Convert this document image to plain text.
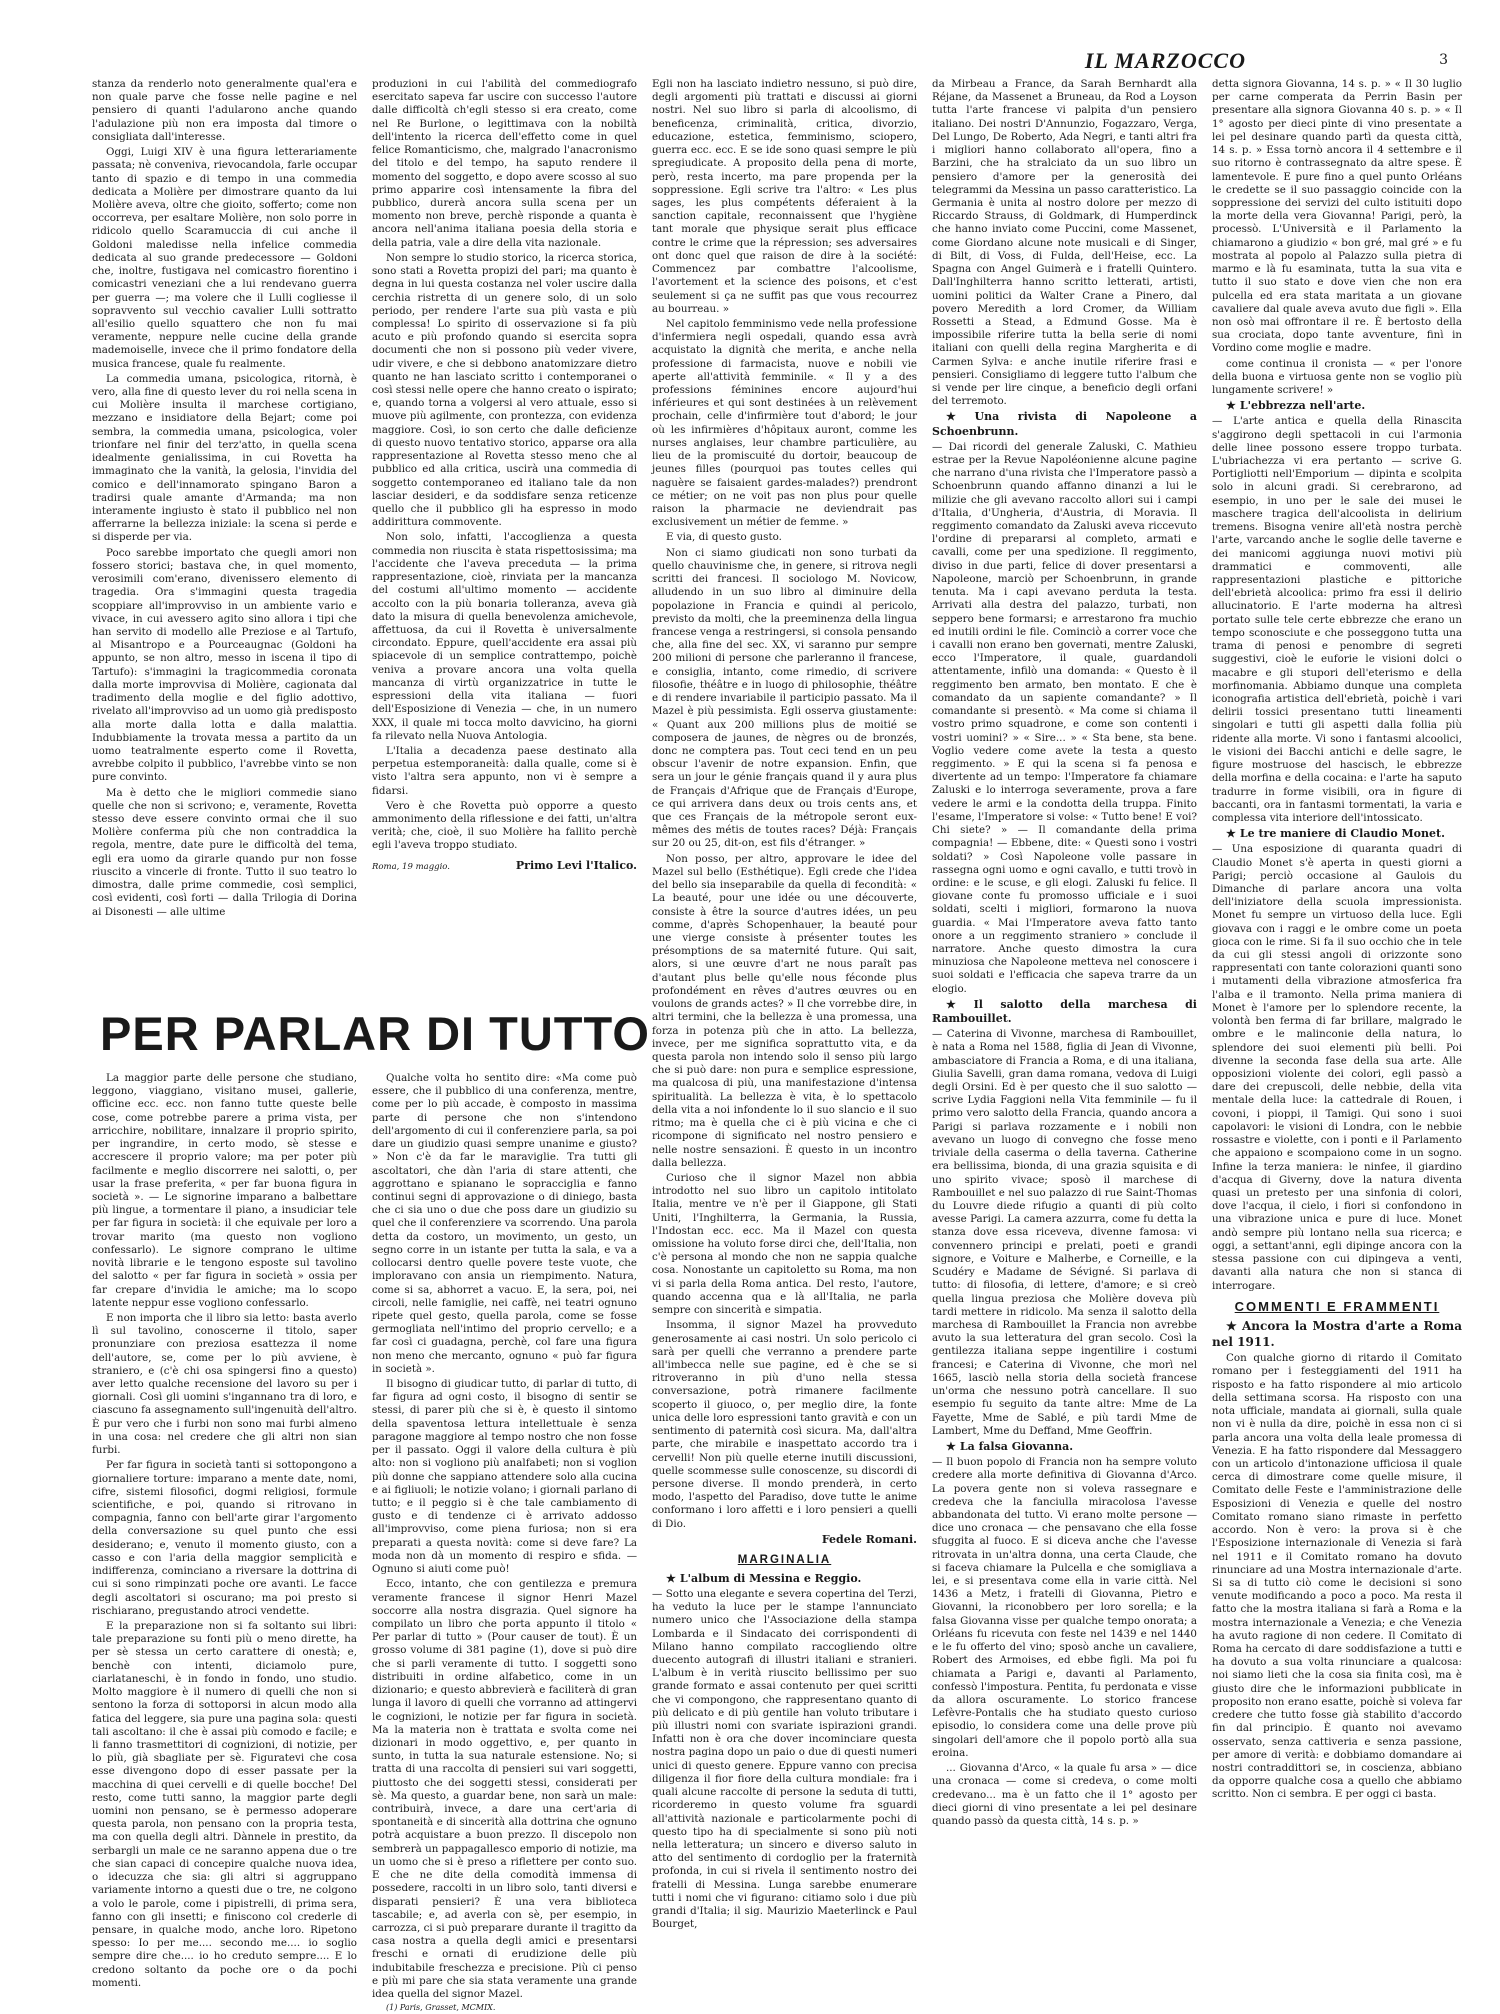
IL MARZOCCO	3

stanza da renderlo noto generalmente qual'era e non quale parve che fosse nelle pagine e nel pensiero di quanti l'adularono anche quando l'adulazione più non era imposta dal timore o consigliata dall'interesse.

Oggi, Luigi XIV è una figura letterariamente passata; nè conveniva, rievocandola, farle occupar tanto di spazio e di tempo in una commedia dedicata a Molière per dimostrare quanto da lui Molière aveva, oltre che gioito, sofferto; come non occorreva, per esaltare Molière, non solo porre in ridicolo quello Scaramuccia di cui anche il Goldoni maledisse nella infelice commedia dedicata al suo grande predecessore — Goldoni che, inoltre, fustigava nel comicastro fiorentino i comicastri veneziani che a lui rendevano guerra per guerra —; ma volere che il Lulli cogliesse il sopravvento sul vecchio cavalier Lulli sottratto all'esilio quello squattero che non fu mai veramente, neppure nelle cucine della grande mademoiselle, invece che il primo fondatore della musica francese, quale fu realmente.

La commedia umana, psicologica, ritornà, è vero, alla fine di questo lever du roi nella scena in cui Molière insulta il marchese cortigiano, mezzano e insidiatore della Bejart; come poi sembra, la commedia umana, psicologica, voler trionfare nel finir del terz'atto, in quella scena idealmente genialissima, in cui Rovetta ha immaginato che la vanità, la gelosia, l'invidia del comico e dell'innamorato spingano Baron a tradirsi quale amante d'Armanda; ma non interamente ingiusto è stato il pubblico nel non afferrarne la bellezza iniziale: la scena si perde e si disperde per via.

Poco sarebbe importato che quegli amori non fossero storici; bastava che, in quel momento, verosimili com'erano, divenissero elemento di tragedia. Ora s'immagini questa tragedia scoppiare all'improvviso in un ambiente vario e vivace, in cui avessero agito sino allora i tipi che han servito di modello alle Preziose e al Tartufo, al Misantropo e a Pourceaugnac (Goldoni ha appunto, se non altro, messo in iscena il tipo di Tartufo): s'immagini la tragicommedia coronata dalla morte improvvisa di Molière, cagionata dal tradimento della moglie e del figlio adottivo, rivelato all'improvviso ad un uomo già predisposto alla morte dalla lotta e dalla malattia. Indubbiamente la trovata messa a partito da un uomo teatralmente esperto come il Rovetta, avrebbe colpito il pubblico, l'avrebbe vinto se non pure convinto.

Ma è detto che le migliori commedie siano quelle che non si scrivono; e, veramente, Rovetta stesso deve essere convinto ormai che il suo Molière conferma più che non contraddica la regola, mentre, date pure le difficoltà del tema, egli era uomo da girarle quando pur non fosse riuscito a vincerle di fronte. Tutto il suo teatro lo dimostra, dalle prime commedie, così semplici, così evidenti, così forti — dalla Trilogia di Dorina ai Disonesti — alle ultime

produzioni in cui l'abilità del commediografo esercitato sapeva far uscire con successo l'autore dalle difficoltà ch'egli stesso si era creato, come nel Re Burlone, o legittimava con la nobiltà dell'intento la ricerca dell'effetto come in quel felice Romanticismo, che, malgrado l'anacronismo del titolo e del tempo, ha saputo rendere il momento del soggetto, e dopo avere scosso al suo primo apparire così intensamente la fibra del pubblico, durerà ancora sulla scena per un momento non breve, perchè risponde a quanta è ancora nell'anima italiana poesia della storia e della patria, vale a dire della vita nazionale.

Non sempre lo studio storico, la ricerca storica, sono stati a Rovetta propizi del pari; ma quanto è degna in lui questa costanza nel voler uscire dalla cerchia ristretta di un genere solo, di un solo periodo, per rendere l'arte sua più vasta e più complessa! Lo spirito di osservazione si fa più acuto e più profondo quando si esercita sopra documenti che non si possono più veder vivere, udir vivere, e che si debbono anatomizzare dietro quanto ne han lasciato scritto i contemporanei o così stessi nelle opere che hanno creato o ispirato; e, quando torna a volgersi al vero attuale, esso si muove più agilmente, con prontezza, con evidenza maggiore. Così, io son certo che dalle deficienze di questo nuovo tentativo storico, apparse ora alla rappresentazione al Rovetta stesso meno che al pubblico ed alla critica, uscirà una commedia di soggetto contemporaneo ed italiano tale da non lasciar desideri, e da soddisfare senza reticenze quello che il pubblico gli ha espresso in modo addirittura commovente.

Non solo, infatti, l'accoglienza a questa commedia non riuscita è stata rispettosissima; ma l'accidente che l'aveva preceduta — la prima rappresentazione, cioè, rinviata per la mancanza del costumi all'ultimo momento — accidente accolto con la più bonaria tolleranza, aveva già dato la misura di quella benevolenza amichevole, affettuosa, da cui il Rovetta è universalmente circondato. Eppure, quell'accidente era assai più spiacevole di un semplice contrattempo, poichè veniva a provare ancora una volta quella mancanza di virtù organizzatrice in tutte le espressioni della vita italiana — fuori dell'Esposizione di Venezia — che, in un numero XXX, il quale mi tocca molto davvicino, ha giorni fa rilevato nella Nuova Antologia.

L'Italia a decadenza paese destinato alla perpetua estemporaneità: dalla qualle, come si è visto l'altra sera appunto, non vi è sempre a fidarsi.

Vero è che Rovetta può opporre a questo ammonimento della riflessione e dei fatti, un'altra verità; che, cioè, il suo Molière ha fallito perchè egli l'aveva troppo studiato.

Roma, 19 maggio.	Primo Levi l'Italico.
PER PARLAR DI TUTTO

La maggior parte delle persone che studiano, leggono, viaggiano, visitano musei, gallerie, officine ecc. ecc. non fanno tutte queste belle cose, come potrebbe parere a prima vista, per arricchire, nobilitare, innalzare il proprio spirito, per ingrandire, in certo modo, sè stesse e accrescere il proprio valore; ma per poter più facilmente e meglio discorrere nei salotti, o, per usar la frase preferita, « per far buona figura in società ». — Le signorine imparano a balbettare più lingue, a tormentare il piano, a insudiciar tele per far figura in società: il che equivale per loro a trovar marito (ma questo non vogliono confessarlo). Le signore comprano le ultime novità librarie e le tengono esposte sul tavolino del salotto « per far figura in società » ossia per far crepare d'invidia le amiche; ma lo scopo latente neppur esse vogliono confessarlo.

E non importa che il libro sia letto: basta averlo lì sul tavolino, conoscerne il titolo, saper pronunziare con preziosa esattezza il nome dell'autore, se, come per lo più avviene, è straniero, e (c'è chi osa spingersi fino a questo) aver letto qualche recensione del lavoro su per i giornali. Così gli uomini s'ingannano tra di loro, e ciascuno fa assegnamento sull'ingenuità dell'altro. È pur vero che i furbi non sono mai furbi almeno in una cosa: nel credere che gli altri non sian furbi.

Per far figura in società tanti si sottopongono a giornaliere torture: imparano a mente date, nomi, cifre, sistemi filosofici, dogmi religiosi, formule scientifiche, e poi, quando si ritrovano in compagnia, fanno con bell'arte girar l'argomento della conversazione su quel punto che essi desiderano; e, venuto il momento giusto, con a casso e con l'aria della maggior semplicità e indifferenza, cominciano a riversare la dottrina di cui si sono rimpinzati poche ore avanti. Le facce degli ascoltatori si oscurano; ma poi presto si rischiarano, pregustando atroci vendette.

E la preparazione non si fa soltanto sui libri: tale preparazione su fonti più o meno dirette, ha per sè stessa un certo carattere di onestà; e, benchè con intenti, diciamolo pure, ciarlataneschi, è in fondo in fondo, uno studio. Molto maggiore è il numero di quelli che non si sentono la forza di sottoporsi in alcun modo alla fatica del leggere, sia pure una pagina sola: questi tali ascoltano: il che è assai più comodo e facile; e li fanno trasmettitori di cognizioni, di notizie, per lo più, già sbagliate per sè. Figuratevi che cosa esse divengono dopo di esser passate per la macchina di quei cervelli e di quelle bocche! Del resto, come tutti sanno, la maggior parte degli uomini non pensano, se è permesso adoperare questa parola, non pensano con la propria testa, ma con quella degli altri. Dànnele in prestito, da serbargli un male ce ne saranno appena due o tre che sian capaci di concepire qualche nuova idea, o idecuzza che sia: gli altri si aggruppano variamente intorno a questi due o tre, ne colgono a volo le parole, come i pipistrelli, di prima sera, fanno con gli insetti; e finiscono col crederle di pensare, in qualche modo, anche loro. Ripetono spesso: Io per me.... secondo me.... io soglio sempre dire che.... io ho creduto sempre.... E lo credono soltanto da poche ore o da pochi momenti.

Qualche volta ho sentito dire: «Ma come può essere, che il pubblico di una conferenza, mentre, come per lo più accade, è composto in massima parte di persone che non s'intendono dell'argomento di cui il conferenziere parla, sa poi dare un giudizio quasi sempre unanime e giusto? » Non c'è da far le maraviglie. Tra tutti gli ascoltatori, che dàn l'aria di stare attenti, che aggrottano e spianano le sopracciglia e fanno continui segni di approvazione o di diniego, basta che ci sia uno o due che poss dare un giudizio su quel che il conferenziere va scorrendo. Una parola detta da costoro, un movimento, un gesto, un segno corre in un istante per tutta la sala, e va a collocarsi dentro quelle povere teste vuote, che imploravano con ansia un riempimento. Natura, come si sa, abhorret a vacuo. E, la sera, poi, nei circoli, nelle famiglie, nei caffè, nei teatri ognuno ripete quel gesto, quella parola, come se fosse germogliata nell'intimo del proprio cervello; e a far così ci guadagna, perchè, col fare una figura non meno che mercanto, ognuno « può far figura in società ».

Il bisogno di giudicar tutto, di parlar di tutto, di far figura ad ogni costo, il bisogno di sentir se stessi, di parer più che si è, è questo il sintomo della spaventosa lettura intellettuale è senza paragone maggiore al tempo nostro che non fosse per il passato. Oggi il valore della cultura è più alto: non si vogliono più analfabeti; non si voglion più donne che sappiano attendere solo alla cucina e ai figliuoli; le notizie volano; i giornali parlano di tutto; e il peggio si è che tale cambiamento di gusto e di tendenze ci è arrivato addosso all'improvviso, come piena furiosa; non si era preparati a questa novità: come si deve fare? La moda non dà un momento di respiro e sfida. — Ognuno si aiuti come può!

Ecco, intanto, che con gentilezza e premura veramente francese il signor Henri Mazel soccorre alla nostra disgrazia. Quel signore ha compilato un libro che porta appunto il titolo « Per parlar di tutto » (Pour causer de tout). È un grosso volume di 381 pagine (1), dove si può dire che si parli veramente di tutto. I soggetti sono distribuiti in ordine alfabetico, come in un dizionario; e questo abbrevierà e faciliterà di gran lunga il lavoro di quelli che vorranno ad attingervi le cognizioni, le notizie per far figura in società. Ma la materia non è trattata e svolta come nei dizionari in modo oggettivo, e, per quanto in sunto, in tutta la sua naturale estensione. No; si tratta di una raccolta di pensieri sui vari soggetti, piuttosto che dei soggetti stessi, considerati per sè. Ma questo, a guardar bene, non sarà un male: contribuirà, invece, a dare una cert'aria di spontaneità e di sincerità alla dottrina che ognuno potrà acquistare a buon prezzo. Il discepolo non sembrerà un pappagallesco emporio di notizie, ma un uomo che si è preso a riflettere per conto suo. E che ne dite della comodità immensa di possedere, raccolti in un libro solo, tanti diversi e disparati pensieri? È una vera biblioteca tascabile; e, ad averla con sè, per esempio, in carrozza, ci si può preparare durante il tragitto da casa nostra a quella degli amici e presentarsi freschi e ornati di erudizione delle più indubitabile freschezza e precisione. Più ci penso e più mi pare che sia stata veramente una grande idea quella del signor Mazel.

(1) Paris, Grasset, MCMIX.

Egli non ha lasciato indietro nessuno, si può dire, degli argomenti più trattati e discussi ai giorni nostri. Nel suo libro si parla di alcoolismo, di beneficenza, criminalità, critica, divorzio, educazione, estetica, femminismo, sciopero, guerra ecc. ecc. E se ide sono quasi sempre le più spregiudicate. A proposito della pena di morte, però, resta incerto, ma pare propenda per la soppressione. Egli scrive tra l'altro: « Les plus sages, les plus compétents déferaient à la sanction capitale, reconnaissent que l'hygiène tant morale que physique serait plus efficace contre le crime que la répression; ses adversaires ont donc quel que raison de dire à la société: Commencez par combattre l'alcoolisme, l'avortement et la science des poisons, et c'est seulement si ça ne suffit pas que vous recourrez au bourreau. »

Nel capitolo femminismo vede nella professione d'infermiera negli ospedali, quando essa avrà acquistato la dignità che merita, e anche nella professione di farmacista, nuove e nobili vie aperte all'attività femminile. « Il y a des professions féminines encore aujourd'hui inférieures et qui sont destinées à un relèvement prochain, celle d'infirmière tout d'abord; le jour où les infirmières d'hôpitaux auront, comme les nurses anglaises, leur chambre particulière, au lieu de la promiscuité du dortoir, beaucoup de jeunes filles (pourquoi pas toutes celles qui naguère se faisaient gardes-malades?) prendront ce métier; on ne voit pas non plus pour quelle raison la pharmacie ne deviendrait pas exclusivement un métier de femme. »

E via, di questo gusto.

Non ci siamo giudicati non sono turbati da quello chauvinisme che, in genere, si ritrova negli scritti dei francesi. Il sociologo M. Novicow, alludendo in un suo libro al diminuire della popolazione in Francia e quindi al pericolo, previsto da molti, che la preeminenza della lingua francese venga a restringersi, si consola pensando che, alla fine del sec. XX, vi saranno pur sempre 200 milioni di persone che parleranno il francese, e consiglia, intanto, come rimedio, di scrivere filosofie, théâtre e in luogo di philosophie, théâtre e di rendere invariabile il participio passato. Ma il Mazel è più pessimista. Egli osserva giustamente: « Quant aux 200 millions plus de moitié se composera de jaunes, de nègres ou de bronzés, donc ne comptera pas. Tout ceci tend en un peu obscur l'avenir de notre expansion. Enfin, que sera un jour le génie français quand il y aura plus de Français d'Afrique que de Français d'Europe, ce qui arrivera dans deux ou trois cents ans, et que ces Français de la métropole seront eux-mêmes des métis de toutes races? Déjà: Français sur 20 ou 25, dit-on, est fils d'étranger. »

Non posso, per altro, approvare le idee del Mazel sul bello (Esthétique). Egli crede che l'idea del bello sia inseparabile da quella di fecondità: « La beauté, pour une idée ou une découverte, consiste à être la source d'autres idées, un peu comme, d'après Schopenhauer, la beauté pour une vierge consiste à présenter toutes les présomptions de sa maternité future. Qui sait, alors, si une œuvre d'art ne nous paraît pas d'autant plus belle qu'elle nous féconde plus profondément en rêves d'autres œuvres ou en voulons de grands actes? » Il che vorrebbe dire, in altri termini, che la bellezza è una promessa, una forza in potenza più che in atto. La bellezza, invece, per me significa soprattutto vita, e da questa parola non intendo solo il senso più largo che si può dare: non pura e semplice espressione, ma qualcosa di più, una manifestazione d'intensa spiritualità. La bellezza è vita, è lo spettacolo della vita a noi infondente lo il suo slancio e il suo ritmo; ma è quella che ci è più vicina e che ci ricompone di significato nel nostro pensiero e nelle nostre sensazioni. È questo in un incontro dalla bellezza.

Curioso che il signor Mazel non abbia introdotto nel suo libro un capitolo intitolato Italia, mentre ve n'è per il Giappone, gli Stati Uniti, l'Inghilterra, la Germania, la Russia, l'Indostan ecc. ecc. Ma il Mazel con questa omissione ha voluto forse dirci che, dell'Italia, non c'è persona al mondo che non ne sappia qualche cosa. Nonostante un capitoletto su Roma, ma non vi si parla della Roma antica. Del resto, l'autore, quando accenna qua e là all'Italia, ne parla sempre con sincerità e simpatia.

Insomma, il signor Mazel ha provveduto generosamente ai casi nostri. Un solo pericolo ci sarà per quelli che verranno a prendere parte all'imbecca nelle sue pagine, ed è che se si ritroveranno in più d'uno nella stessa conversazione, potrà rimanere facilmente scoperto il giuoco, o, per meglio dire, la fonte unica delle loro espressioni tanto gravità e con un sentimento di paternità così sicura. Ma, dall'altra parte, che mirabile e inaspettato accordo tra i cervelli! Non più quelle eterne inutili discussioni, quelle scommesse sulle conoscenze, su discordi di persone diverse. Il mondo prenderà, in certo modo, l'aspetto del Paradiso, dove tutte le anime conformano i loro affetti e i loro pensieri a quelli di Dio.

Fedele Romani.
MARGINALIA

★ L'album di Messina e Reggio.

— Sotto una elegante e severa copertina del Terzi, ha veduto la luce per le stampe l'annunciato numero unico che l'Associazione della stampa Lombarda e il Sindacato dei corrispondenti di Milano hanno compilato raccogliendo oltre duecento autografi di illustri italiani e stranieri. L'album è in verità riuscito bellissimo per suo grande formato e assai contenuto per quei scritti che vi compongono, che rappresentano quanto di più delicato e di più gentile han voluto tributare i più illustri nomi con svariate ispirazioni grandi. Infatti non è ora che dover incominciare questa nostra pagina dopo un paio o due di questi numeri unici di questo genere. Eppure vanno con precisa diligenza il fior fiore della cultura mondiale: fra i quali alcune raccolte di persone la seduta di tutti, ricorderemo in questo volume fra sguardi all'attività nazionale e particolarmente pochi di questo tipo ha di specialmente si sono più noti nella letteratura; un sincero e diverso saluto in atto del sentimento di cordoglio per la fraternità profonda, in cui si rivela il sentimento nostro dei fratelli di Messina. Lunga sarebbe enumerare tutti i nomi che vi figurano: citiamo solo i due più grandi d'Italia; il sig. Maurizio Maeterlinck e Paul Bourget,

da Mirbeau a France, da Sarah Bernhardt alla Réjane, da Massenet a Bruneau, da Rod a Loyson tutta l'arte francese vi palpita d'un pensiero italiano. Dei nostri D'Annunzio, Fogazzaro, Verga, Del Lungo, De Roberto, Ada Negri, e tanti altri fra i migliori hanno collaborato all'opera, fino a Barzini, che ha stralciato da un suo libro un pensiero d'amore per la generosità dei telegrammi da Messina un passo caratteristico. La Germania è unita al nostro dolore per mezzo di Riccardo Strauss, di Goldmark, di Humperdinck che hanno inviato come Puccini, come Massenet, come Giordano alcune note musicali e di Singer, di Bilt, di Voss, di Fulda, dell'Heise, ecc. La Spagna con Angel Guimerà e i fratelli Quintero. Dall'Inghilterra hanno scritto letterati, artisti, uomini politici da Walter Crane a Pinero, dal povero Meredith a lord Cromer, da William Rossetti a Stead, a Edmund Gosse. Ma è impossibile riferire tutta la bella serie di nomi italiani con quelli della regina Margherita e di Carmen Sylva: e anche inutile riferire frasi e pensieri. Consigliamo di leggere tutto l'album che si vende per lire cinque, a beneficio degli orfani del terremoto.

★ Una rivista di Napoleone a Schoenbrunn.

— Dai ricordi del generale Zaluski, C. Mathieu estrae per la Revue Napoléonienne alcune pagine che narrano d'una rivista che l'Imperatore passò a Schoenbrunn quando affanno dinanzi a lui le milizie che gli avevano raccolto allori sui i campi d'Italia, d'Ungheria, d'Austria, di Moravia. Il reggimento comandato da Zaluski aveva riccevuto l'ordine di prepararsi al completo, armati e cavalli, come per una spedizione. Il reggimento, diviso in due parti, felice di dover presentarsi a Napoleone, marciò per Schoenbrunn, in grande tenuta. Ma i capi avevano perduta la testa. Arrivati alla destra del palazzo, turbati, non seppero bene formarsi; e arrestarono fra muchio ed inutili ordini le file. Cominciò a correr voce che i cavalli non erano ben governati, mentre Zaluski, ecco l'Imperatore, il quale, guardandoli attentamente, infilò una domanda: « Questo è il reggimento ben armato, ben montato. E che è comandato da un sapiente comandante? » Il comandante si presentò. « Ma come si chiama il vostro primo squadrone, e come son contenti i vostri uomini? » « Sire... » « Sta bene, sta bene. Voglio vedere come avete la testa a questo reggimento. » E qui la scena si fa penosa e divertente ad un tempo: l'Imperatore fa chiamare Zaluski e lo interroga severamente, prova a fare vedere le armi e la condotta della truppa. Finito l'esame, l'Imperatore si volse: « Tutto bene! E voi? Chi siete? » — Il comandante della prima compagnia! — Ebbene, dite: « Questi sono i vostri soldati? » Così Napoleone volle passare in rassegna ogni uomo e ogni cavallo, e tutti trovò in ordine: e le scuse, e gli elogi. Zaluski fu felice. Il giovane conte fu promosso ufficiale e i suoi soldati, scelti i migliori, formarono la nuova guardia. « Mai l'Imperatore aveva fatto tanto onore a un reggimento straniero » conclude il narratore. Anche questo dimostra la cura minuziosa che Napoleone metteva nel conoscere i suoi soldati e l'efficacia che sapeva trarre da un elogio.

★ Il salotto della marchesa di Rambouillet.

— Caterina di Vivonne, marchesa di Rambouillet, è nata a Roma nel 1588, figlia di Jean di Vivonne, ambasciatore di Francia a Roma, e di una italiana, Giulia Savelli, gran dama romana, vedova di Luigi degli Orsini. Ed è per questo che il suo salotto — scrive Lydia Faggioni nella Vita femminile — fu il primo vero salotto della Francia, quando ancora a Parigi si parlava rozzamente e i nobili non avevano un luogo di convegno che fosse meno triviale della caserma o della taverna. Catherine era bellissima, bionda, di una grazia squisita e di uno spirito vivace; sposò il marchese di Rambouillet e nel suo palazzo di rue Saint-Thomas du Louvre diede rifugio a quanti di più colto avesse Parigi. La camera azzurra, come fu detta la stanza dove essa riceveva, divenne famosa: vi convennero principi e prelati, poeti e grandi signore, e Voiture e Malherbe, e Corneille, e la Scudéry e Madame de Sévigné. Si parlava di tutto: di filosofia, di lettere, d'amore; e si creò quella lingua preziosa che Molière doveva più tardi mettere in ridicolo. Ma senza il salotto della marchesa di Rambouillet la Francia non avrebbe avuto la sua letteratura del gran secolo. Così la gentilezza italiana seppe ingentilire i costumi francesi; e Caterina di Vivonne, che morì nel 1665, lasciò nella storia della società francese un'orma che nessuno potrà cancellare. Il suo esempio fu seguito da tante altre: Mme de La Fayette, Mme de Sablé, e più tardi Mme de Lambert, Mme du Deffand, Mme Geoffrin.

★ La falsa Giovanna.

— Il buon popolo di Francia non ha sempre voluto credere alla morte definitiva di Giovanna d'Arco. La povera gente non si voleva rassegnare e credeva che la fanciulla miracolosa l'avesse abbandonata del tutto. Vi erano molte persone — dice uno cronaca — che pensavano che ella fosse sfuggita al fuoco. E si diceva anche che l'avesse ritrovata in un'altra donna, una certa Claude, che si faceva chiamare la Pulcella e che somigliava a lei, e si presentava come ella in varie città. Nel 1436 a Metz, i fratelli di Giovanna, Pietro e Giovanni, la riconobbero per loro sorella; e la falsa Giovanna visse per qualche tempo onorata; a Orléans fu ricevuta con feste nel 1439 e nel 1440 e le fu offerto del vino; sposò anche un cavaliere, Robert des Armoises, ed ebbe figli. Ma poi fu chiamata a Parigi e, davanti al Parlamento, confessò l'impostura. Pentita, fu perdonata e visse da allora oscuramente. Lo storico francese Lefèvre-Pontalis che ha studiato questo curioso episodio, lo considera come una delle prove più singolari dell'amore che il popolo portò alla sua eroina.

... Giovanna d'Arco, « la quale fu arsa » — dice una cronaca — come si credeva, o come molti credevano... ma è un fatto che il 1° agosto per dieci giorni di vino presentate a lei pel desinare quando passò da questa città, 14 s. p. »

detta signora Giovanna, 14 s. p. » « Il 30 luglio per carne comperata da Perrin Basin per presentare alla signora Giovanna 40 s. p. » « Il 1° agosto per dieci pinte di vino presentate a lei pel desinare quando partì da questa città, 14 s. p. » Essa tornò ancora il 4 settembre e il suo ritorno è contrassegnato da altre spese. È lamentevole. E pure fino a quel punto Orléans le credette se il suo passaggio coincide con la soppressione dei servizi del culto istituiti dopo la morte della vera Giovanna! Parigi, però, la processò. L'Università e il Parlamento la chiamarono a giudizio « bon gré, mal gré » e fu mostrata al popolo al Palazzo sulla pietra di marmo e là fu esaminata, tutta la sua vita e tutto il suo stato e dove vien che non era pulcella ed era stata maritata a un giovane cavaliere dal quale aveva avuto due figli ». Ella non osò mai offrontare il re. È bertosto della sua crociata, dopo tante avventure, finì in Vordino come moglie e madre.

come continua il cronista — « per l'onore della buona e virtuosa gente non se voglio più lungamente scrivere! »

★ L'ebbrezza nell'arte.

— L'arte antica e quella della Rinascita s'aggirono degli spettacoli in cui l'armonia delle linee possono essere troppo turbata. L'ubriachezza vi era pertanto — scrive G. Portigliotti nell'Emporium — dipinta e scolpita solo in alcuni gradi. Si cerebrarono, ad esempio, in uno per le sale dei musei le maschere tragica dell'alcoolista in delirium tremens. Bisogna venire all'età nostra perchè l'arte, varcando anche le soglie delle taverne e dei manicomi aggiunga nuovi motivi più drammatici e commoventi, alle rappresentazioni plastiche e pittoriche dell'ebrietà alcoolica: primo fra essi il delirio allucinatorio. E l'arte moderna ha altresì portato sulle tele certe ebbrezze che erano un tempo sconosciute e che posseggono tutta una trama di penosi e penombre di segreti suggestivi, cioè le euforie le visioni dolci o macabre e gli stupori dell'eterismo e della morfinomania. Abbiamo dunque una completa iconografia artistica dell'ebrietà, poichè i vari delirii tossici presentano tutti lineamenti singolari e tutti gli aspetti dalla follia più ridente alla morte. Vi sono i fantasmi alcoolici, le visioni dei Bacchi antichi e delle sagre, le figure mostruose del hascisch, le ebbrezze della morfina e della cocaina: e l'arte ha saputo tradurre in forme visibili, ora in figure di baccanti, ora in fantasmi tormentati, la varia e complessa vita interiore dell'intossicato.

★ Le tre maniere di Claudio Monet.

— Una esposizione di quaranta quadri di Claudio Monet s'è aperta in questi giorni a Parigi; perciò occasione al Gaulois du Dimanche di parlare ancora una volta dell'iniziatore della scuola impressionista. Monet fu sempre un virtuoso della luce. Egli giovava con i raggi e le ombre come un poeta gioca con le rime. Si fa il suo occhio che in tele da cui gli stessi angoli di orizzonte sono rappresentati con tante colorazioni quanti sono i mutamenti della vibrazione atmosferica fra l'alba e il tramonto. Nella prima maniera di Monet è l'amore per lo splendore recente, la volontà ben ferma di far brillare, malgrado le ombre e le malinconie della natura, lo splendore dei suoi elementi più belli. Poi divenne la seconda fase della sua arte. Alle opposizioni violente dei colori, egli passò a dare dei crepuscoli, delle nebbie, della vita mentale della luce: la cattedrale di Rouen, i covoni, i pioppi, il Tamigi. Qui sono i suoi capolavori: le visioni di Londra, con le nebbie rossastre e violette, con i ponti e il Parlamento che appaiono e scompaiono come in un sogno. Infine la terza maniera: le ninfee, il giardino d'acqua di Giverny, dove la natura diventa quasi un pretesto per una sinfonia di colori, dove l'acqua, il cielo, i fiori si confondono in una vibrazione unica e pure di luce. Monet andò sempre più lontano nella sua ricerca; e oggi, a settant'anni, egli dipinge ancora con la stessa passione con cui dipingeva a venti, davanti alla natura che non si stanca di interrogare.

COMMENTI E FRAMMENTI

★ Ancora la Mostra d'arte a Roma nel 1911.

Con qualche giorno di ritardo il Comitato romano per i festeggiamenti del 1911 ha risposto e ha fatto rispondere al mio articolo della settimana scorsa. Ha risposto con una nota ufficiale, mandata ai giornali, sulla quale non vi è nulla da dire, poichè in essa non ci si parla ancora una volta della leale promessa di Venezia. E ha fatto rispondere dal Messaggero con un articolo d'intonazione ufficiosa il quale cerca di dimostrare come quelle misure, il Comitato delle Feste e l'amministrazione delle Esposizioni di Venezia e quelle del nostro Comitato romano siano rimaste in perfetto accordo. Non è vero: la prova si è che l'Esposizione internazionale di Venezia si farà nel 1911 e il Comitato romano ha dovuto rinunciare ad una Mostra internazionale d'arte. Si sa di tutto ciò come le decisioni si sono venute modificando a poco a poco. Ma resta il fatto che la mostra italiana si farà a Roma e la mostra internazionale a Venezia; e che Venezia ha avuto ragione di non cedere. Il Comitato di Roma ha cercato di dare soddisfazione a tutti e ha dovuto a sua volta rinunciare a qualcosa: noi siamo lieti che la cosa sia finita così, ma è giusto dire che le informazioni pubblicate in proposito non erano esatte, poichè si voleva far credere che tutto fosse già stabilito d'accordo fin dal principio. È quanto noi avevamo osservato, senza cattiveria e senza passione, per amore di verità: e dobbiamo domandare ai nostri contraddittori se, in coscienza, abbiano da opporre qualche cosa a quello che abbiamo scritto. Non ci sembra. E per oggi ci basta.
